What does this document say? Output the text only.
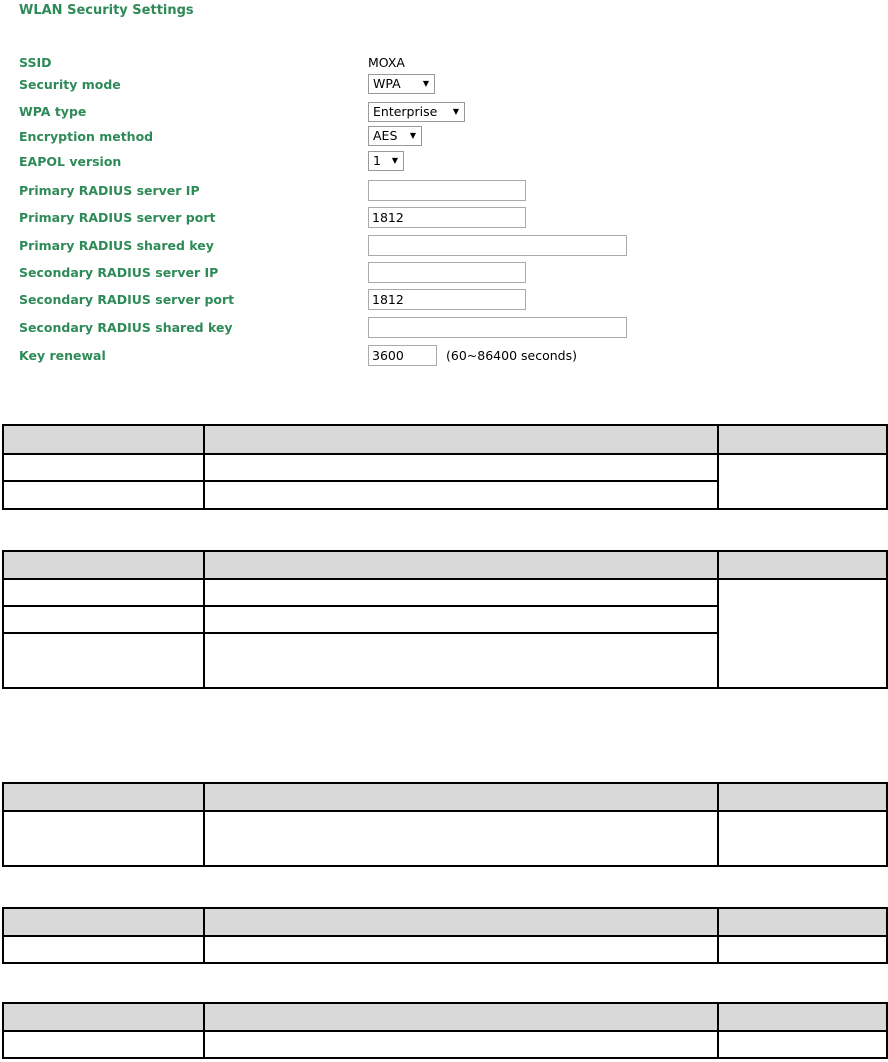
WLAN Security Settings
SSID	MOXA
Security mode	WPA	▼
WPA type	Enterprise ▼
Encryption method	AES ▼
EAPOL version	1 ▼
Primary RADIUS server IP
Primary RADIUS server port	1812
Primary RADIUS shared key
Secondary RADIUS server IP
Secondary RADIUS server port	1812
Secondary RADIUS shared key
Key renewal	3600	(60~86400 seconds)
